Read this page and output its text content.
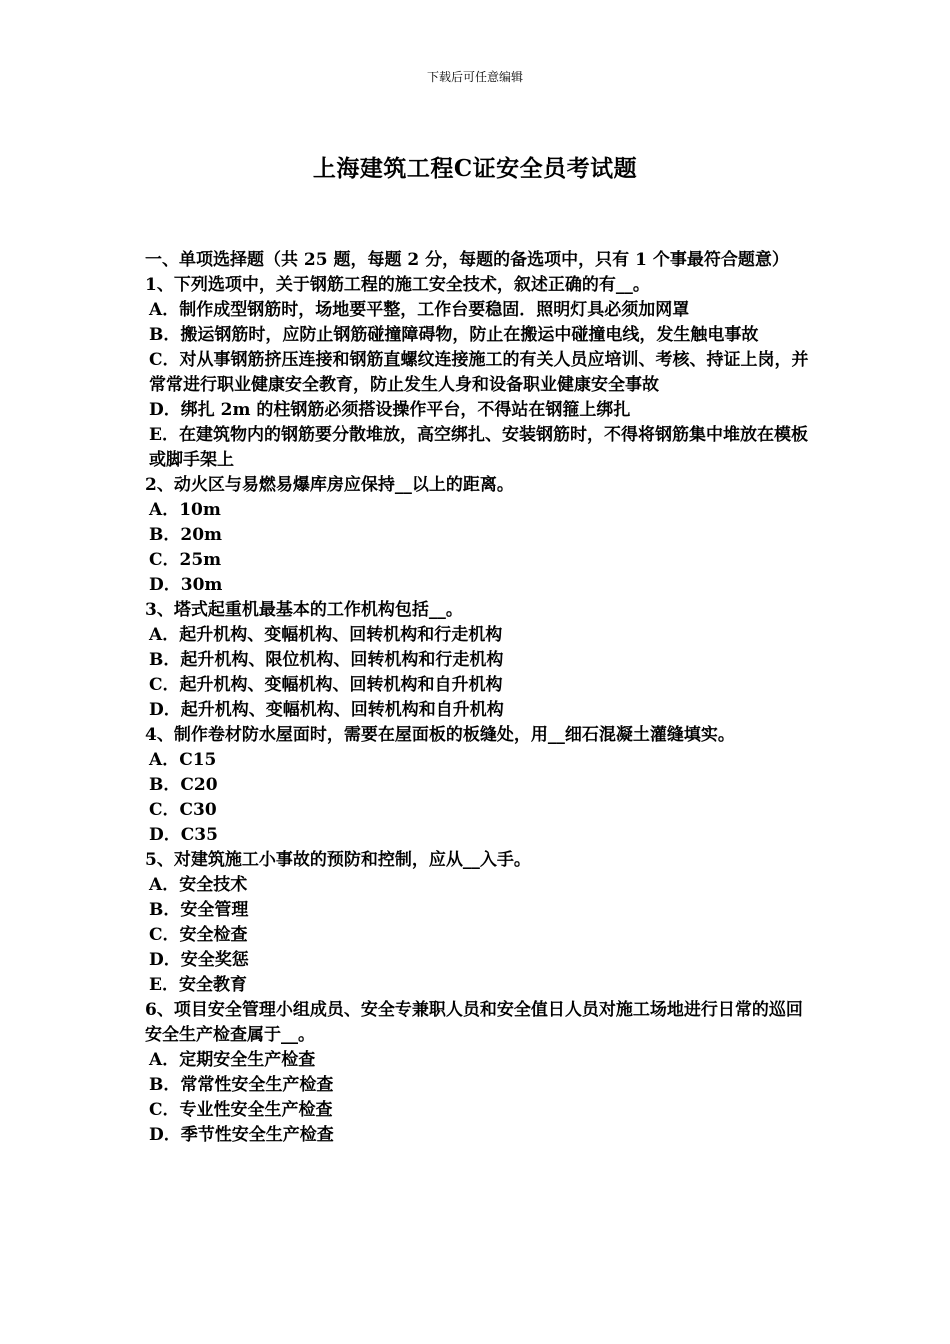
下载后可任意编辑
上海建筑工程C证安全员考试题

一、单项选择题（共 25 题，每题 2 分，每题的备选项中，只有 1 个事最符合题意）

1、下列选项中，关于钢筋工程的施工安全技术，叙述正确的有__。

A．制作成型钢筋时，场地要平整，工作台要稳固．照明灯具必须加网罩

B．搬运钢筋时，应防止钢筋碰撞障碍物，防止在搬运中碰撞电线，发生触电事故

C．对从事钢筋挤压连接和钢筋直螺纹连接施工的有关人员应培训、考核、持证上岗，并常常进行职业健康安全教育，防止发生人身和设备职业健康安全事故

D．绑扎 2m 的柱钢筋必须搭设操作平台，不得站在钢箍上绑扎

E．在建筑物内的钢筋要分散堆放，高空绑扎、安装钢筋时，不得将钢筋集中堆放在模板或脚手架上

2、动火区与易燃易爆库房应保持__以上的距离。

A．10m

B．20m

C．25m

D．30m

3、塔式起重机最基本的工作机构包括__。

A．起升机构、变幅机构、回转机构和行走机构

B．起升机构、限位机构、回转机构和行走机构

C．起升机构、变幅机构、回转机构和自升机构

D．起升机构、变幅机构、回转机构和自升机构

4、制作卷材防水屋面时，需要在屋面板的板缝处，用__细石混凝土灌缝填实。

A．C15

B．C20

C．C30

D．C35

5、对建筑施工小事故的预防和控制，应从__入手。

A．安全技术

B．安全管理

C．安全检查

D．安全奖惩

E．安全教育

6、项目安全管理小组成员、安全专兼职人员和安全值日人员对施工场地进行日常的巡回安全生产检查属于__。

A．定期安全生产检查

B．常常性安全生产检查

C．专业性安全生产检查

D．季节性安全生产检查
